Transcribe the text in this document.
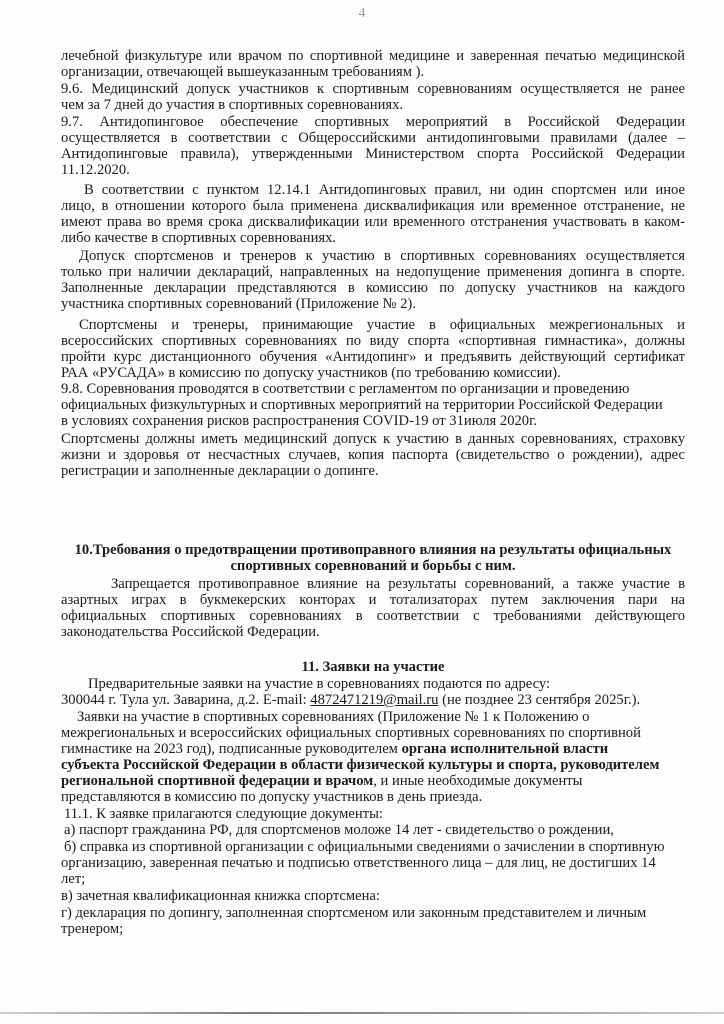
4
лечебной физкультуре или врачом по спортивной медицине и заверенная печатью медицинской
организации, отвечающей вышеуказанным требованиям ).
9.6. Медицинский допуск участников к спортивным соревнованиям осуществляется не ранее
чем за 7 дней до участия в спортивных соревнованиях.
9.7. Антидопинговое обеспечение спортивных мероприятий в Российской Федерации
осуществляется в соответствии с Общероссийскими антидопинговыми правилами (далее –
Антидопинговые правила), утвержденными Министерством спорта Российской Федерации
11.12.2020.
В соответствии с пунктом 12.14.1 Антидопинговых правил, ни один спортсмен или иное
лицо, в отношении которого была применена дисквалификация или временное отстранение, не
имеют права во время срока дисквалификации или временного отстранения участвовать в каком-
либо качестве в спортивных соревнованиях.
Допуск спортсменов и тренеров к участию в спортивных соревнованиях осуществляется
только при наличии деклараций, направленных на недопущение применения допинга в спорте.
Заполненные декларации представляются в комиссию по допуску участников на каждого
участника спортивных соревнований (Приложение № 2).
Спортсмены и тренеры, принимающие участие в официальных межрегиональных и
всероссийских спортивных соревнованиях по виду спорта «спортивная гимнастика», должны
пройти курс дистанционного обучения «Антидопинг» и предъявить действующий сертификат
РАА «РУСАДА» в комиссию по допуску участников (по требованию комиссии).
9.8. Соревнования проводятся в соответствии с регламентом по организации и проведению
официальных физкультурных и спортивных мероприятий на территории Российской Федерации
в условиях сохранения рисков распространения COVID-19 от 31июля 2020г.
Спортсмены должны иметь медицинский допуск к участию в данных соревнованиях, страховку
жизни и здоровья от несчастных случаев, копия паспорта (свидетельство о рождении), адрес
регистрации и заполненные декларации о допинге.
10.Требования о предотвращении противоправного влияния на результаты официальных
спортивных соревнований и борьбы с ним.
Запрещается противоправное влияние на результаты соревнований, а также участие в
азартных играх в букмекерских конторах и тотализаторах путем заключения пари на
официальных спортивных соревнованиях в соответствии с требованиями действующего
законодательства Российской Федерации.
11. Заявки на участие
Предварительные заявки на участие в соревнованиях подаются по адресу:
300044 г. Тула ул. Заварина, д.2. E-mail: 4872471219@mail.ru (не позднее 23 сентября 2025г.).
Заявки на участие в спортивных соревнованиях (Приложение № 1 к Положению о
межрегиональных и всероссийских официальных спортивных соревнованиях по спортивной
гимнастике на 2023 год), подписанные руководителем органа исполнительной власти
субъекта Российской Федерации в области физической культуры и спорта, руководителем
региональной спортивной федерации и врачом, и иные необходимые документы
представляются в комиссию по допуску участников в день приезда.
11.1. К заявке прилагаются следующие документы:
а) паспорт гражданина РФ, для спортсменов моложе 14 лет - свидетельство о рождении,
б) справка из спортивной организации с официальными сведениями о зачислении в спортивную
организацию, заверенная печатью и подписью ответственного лица – для лиц, не достигших 14
лет;
в) зачетная квалификационная книжка спортсмена:
г) декларация по допингу, заполненная спортсменом или законным представителем и личным
тренером;
